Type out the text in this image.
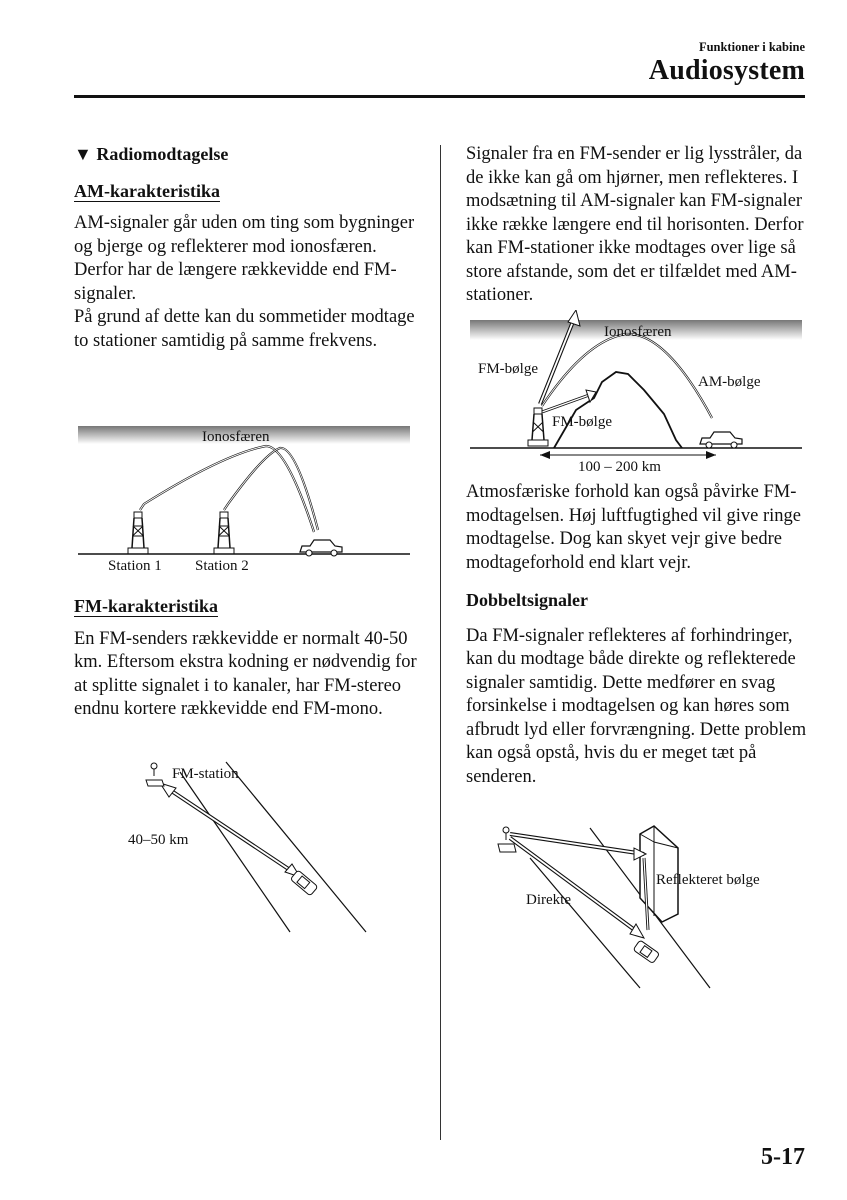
Funktioner i kabine
Audiosystem

▼ Radiomodtagelse

AM-karakteristika

AM-signaler går uden om ting som bygninger og bjerge og reflekterer mod ionosfæren.

Derfor har de længere rækkevidde end FM-signaler.

På grund af dette kan du sommetider modtage to stationer samtidig på samme frekvens.

Ionosfæren
Station 1 Station 2

FM-karakteristika

En FM-senders rækkevidde er normalt 40-50 km. Eftersom ekstra kodning er nødvendig for at splitte signalet i to kanaler, har FM-stereo endnu kortere rækkevidde end FM-mono.

FM-station
40–50 km

Signaler fra en FM-sender er lig lysstråler, da de ikke kan gå om hjørner, men reflekteres. I modsætning til AM-signaler kan FM-signaler ikke række længere end til horisonten. Derfor kan FM-stationer ikke modtages over lige så store afstande, som det er tilfældet med AM-stationer.

Ionosfæren
FM-bølge
AM-bølge
FM-bølge
100 – 200 km

Atmosfæriske forhold kan også påvirke FM-modtagelsen. Høj luftfugtighed vil give ringe modtagelse. Dog kan skyet vejr give bedre modtageforhold end klart vejr.

Dobbeltsignaler

Da FM-signaler reflekteres af forhindringer, kan du modtage både direkte og reflekterede signaler samtidig. Dette medfører en svag forsinkelse i modtagelsen og kan høres som afbrudt lyd eller forvrængning. Dette problem kan også opstå, hvis du er meget tæt på senderen.

Reflekteret bølge
Direkte
5-17
